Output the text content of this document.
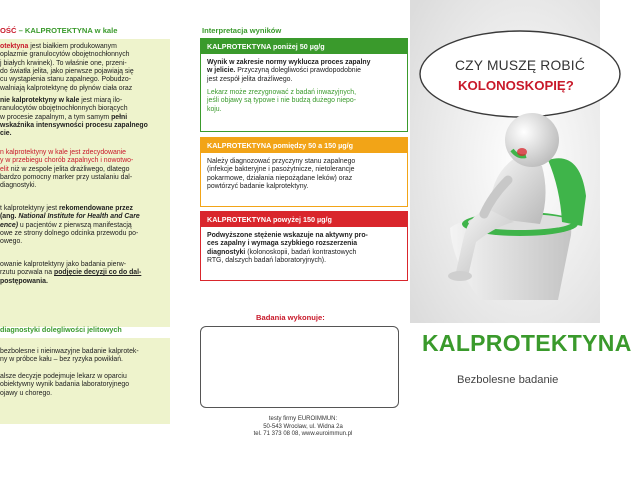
OŚĆ – KALPROTEKTYNA w kale
otektyna jest białkiem produkowanym
oplazmie granulocytów obojętnochłonnych
j białych krwinek). To właśnie one, przeni-
do światła jelita, jako pierwsze pojawiają się
cu wystąpienia stanu zapalnego. Pobudzo-
walniają kalprotektynę do płynów ciała oraz
nie kalprotektyny w kale jest miarą ilo-
ranulocytów obojętnochłonnych biorących
w procesie zapalnym, a tym samym pełni
wskaźnika intensywności procesu zapalnego
cie.
n kalprotektyny w kale jest zdecydowanie
y w przebiegu chorób zapalnych i nowotwo-
elit niż w zespole jelita drażliwego, dlatego
bardzo pomocny marker przy ustalaniu dal-
diagnostyki.
t kalprotektyny jest rekomendowane przez
(ang. National Institute for Health and Care
ence) u pacjentów z pierwszą manifestacją
owe ze strony dolnego odcinka przewodu po-
owego.
owanie kalprotektyny jako badania pierw-
rzutu pozwala na podjęcie decyzji co do dal-
postępowania.
diagnostyki dolegliwości jelitowych
bezbolesne i nieinwazyjne badanie kalprotek-
ny w próbce kału – bez ryzyka powikłań.
alsze decyzje podejmuje lekarz w oparciu
obiektywny wynik badania laboratoryjnego
ojawy u chorego.
Interpretacja wyników
KALPROTEKTYNA poniżej 50 µg/g
Wynik w zakresie normy wyklucza proces zapalny
w jelicie. Przyczyną dolegliwości prawdopodobnie
jest zespół jelita drażliwego.
Lekarz może zrezygnować z badań inwazyjnych,
jeśli objawy są typowe i nie budzą dużego niepo-
koju.
KALPROTEKTYNA pomiędzy 50 a 150 µg/g
Należy diagnozować przyczyny stanu zapalnego
(infekcje bakteryjne i pasożytnicze, nietolerancje
pokarmowe, działania niepożądane leków) oraz
powtórzyć badanie kalprotektyny.
KALPROTEKTYNA powyżej 150 µg/g
Podwyższone stężenie wskazuje na aktywny pro-
ces zapalny i wymaga szybkiego rozszerzenia
diagnostyki (kolonoskopii, badań kontrastowych
RTG, dalszych badań laboratoryjnych).
Badania wykonuje:
testy firmy EUROIMMUN:
50-543 Wrocław, ul. Widna 2a
tel. 71 373 08 08, www.euroimmun.pl
CZY MUSZĘ ROBIĆ
KOLONOSKOPIĘ?
KALPROTEKTYNA
Bezbolesne badanie
